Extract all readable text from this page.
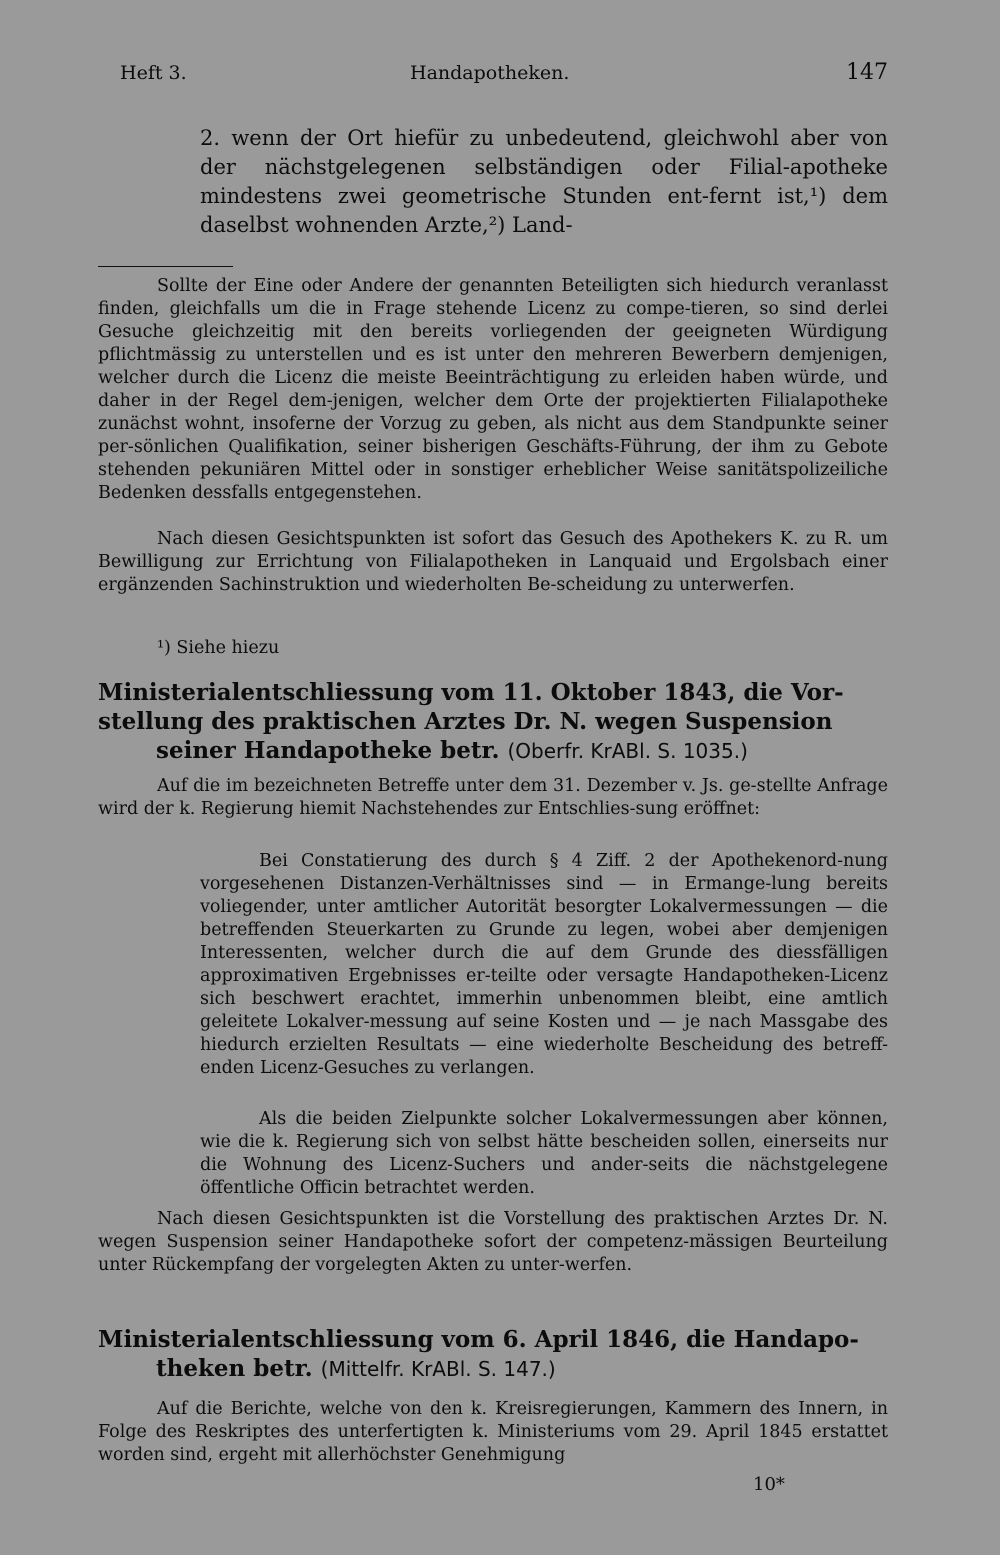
Heft 3.	Handapotheken.	147

2. wenn der Ort hiefür zu unbedeutend, gleichwohl aber von der nächstgelegenen selbständigen oder Filial-apotheke mindestens zwei geometrische Stunden ent-fernt ist,¹) dem daselbst wohnenden Arzte,²) Land-

Sollte der Eine oder Andere der genannten Beteiligten sich hiedurch veranlasst finden, gleichfalls um die in Frage stehende Licenz zu compe-tieren, so sind derlei Gesuche gleichzeitig mit den bereits vorliegenden der geeigneten Würdigung pflichtmässig zu unterstellen und es ist unter den mehreren Bewerbern demjenigen, welcher durch die Licenz die meiste Beeinträchtigung zu erleiden haben würde, und daher in der Regel dem-jenigen, welcher dem Orte der projektierten Filialapotheke zunächst wohnt, insoferne der Vorzug zu geben, als nicht aus dem Standpunkte seiner per-sönlichen Qualifikation, seiner bisherigen Geschäfts-Führung, der ihm zu Gebote stehenden pekuniären Mittel oder in sonstiger erheblicher Weise sanitätspolizeiliche Bedenken dessfalls entgegenstehen.

Nach diesen Gesichtspunkten ist sofort das Gesuch des Apothekers K. zu R. um Bewilligung zur Errichtung von Filialapotheken in Lanquaid und Ergolsbach einer ergänzenden Sachinstruktion und wiederholten Be-scheidung zu unterwerfen.

¹) Siehe hiezu

Ministerialentschliessung vom 11. Oktober 1843, die Vor-
stellung des praktischen Arztes Dr. N. wegen Suspension
seiner Handapotheke betr. (Oberfr. KrABl. S. 1035.)

Auf die im bezeichneten Betreffe unter dem 31. Dezember v. Js. ge-stellte Anfrage wird der k. Regierung hiemit Nachstehendes zur Entschlies-sung eröffnet:

Bei Constatierung des durch § 4 Ziff. 2 der Apothekenord-nung vorgesehenen Distanzen-Verhältnisses sind — in Ermange-lung bereits voliegender, unter amtlicher Autorität besorgter Lokalvermessungen — die betreffenden Steuerkarten zu Grunde zu legen, wobei aber demjenigen Interessenten, welcher durch die auf dem Grunde des diessfälligen approximativen Ergebnisses er-teilte oder versagte Handapotheken-Licenz sich beschwert erachtet, immerhin unbenommen bleibt, eine amtlich geleitete Lokalver-messung auf seine Kosten und — je nach Massgabe des hiedurch erzielten Resultats — eine wiederholte Bescheidung des betreff-enden Licenz-Gesuches zu verlangen.

Als die beiden Zielpunkte solcher Lokalvermessungen aber können, wie die k. Regierung sich von selbst hätte bescheiden sollen, einerseits nur die Wohnung des Licenz-Suchers und ander-seits die nächstgelegene öffentliche Officin betrachtet werden.

Nach diesen Gesichtspunkten ist die Vorstellung des praktischen Arztes Dr. N. wegen Suspension seiner Handapotheke sofort der competenz-mässigen Beurteilung unter Rückempfang der vorgelegten Akten zu unter-werfen.

Ministerialentschliessung vom 6. April 1846, die Handapo-
theken betr. (Mittelfr. KrABl. S. 147.)

Auf die Berichte, welche von den k. Kreisregierungen, Kammern des Innern, in Folge des Reskriptes des unterfertigten k. Ministeriums vom 29. April 1845 erstattet worden sind, ergeht mit allerhöchster Genehmigung

10*
